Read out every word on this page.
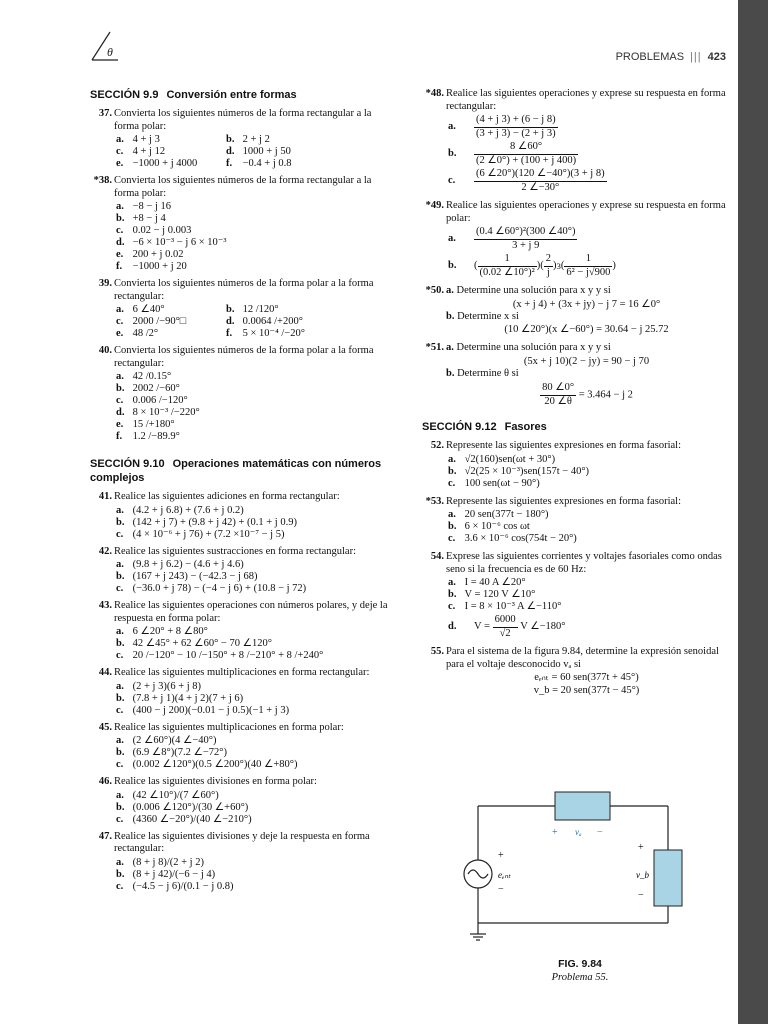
θ	PROBLEMAS ||| 423
SECCIÓN 9.9 Conversión entre formas
37. Convierta los siguientes números de la forma rectangular a la forma polar:
a. 4 + j 3	b. 2 + j 2
c. 4 + j 12	d. 1000 + j 50
e. −1000 + j 4000	f. −0.4 + j 0.8
*38. Convierta los siguientes números de la forma rectangular a la forma polar:
a. −8 − j 16
b. +8 − j 4
c. 0.02 − j 0.003
d. −6 × 10⁻³ − j 6 × 10⁻³
e. 200 + j 0.02
f. −1000 + j 20
39. Convierta los siguientes números de la forma polar a la forma rectangular:
a. 6 ∠40°	b. 12 /120°
c. 2000 /−90°□	d. 0.0064 /+200°
e. 48 /2°	f. 5 × 10⁻⁴ /−20°
40. Convierta los siguientes números de la forma polar a la forma rectangular:
a. 42 /0.15°
b. 2002 /−60°
c. 0.006 /−120°
d. 8 × 10⁻³ /−220°
e. 15 /+180°
f. 1.2 /−89.9°
SECCIÓN 9.10 Operaciones matemáticas con números complejos
41. Realice las siguientes adiciones en forma rectangular:
a. (4.2 + j 6.8) + (7.6 + j 0.2)
b. (142 + j 7) + (9.8 + j 42) + (0.1 + j 0.9)
c. (4 × 10⁻⁶ + j 76) + (7.2 ×10⁻⁷ − j 5)
42. Realice las siguientes sustracciones en forma rectangular:
a. (9.8 + j 6.2) − (4.6 + j 4.6)
b. (167 + j 243) − (−42.3 − j 68)
c. (−36.0 + j 78) − (−4 − j 6) + (10.8 − j 72)
43. Realice las siguientes operaciones con números polares, y deje la respuesta en forma polar:
a. 6 ∠20° + 8 ∠80°
b. 42 ∠45° + 62 ∠60° − 70 ∠120°
c. 20 /−120° − 10 /−150° + 8 /−210° + 8 /+240°
44. Realice las siguientes multiplicaciones en forma rectangular:
a. (2 + j 3)(6 + j 8)
b. (7.8 + j 1)(4 + j 2)(7 + j 6)
c. (400 − j 200)(−0.01 − j 0.5)(−1 + j 3)
45. Realice las siguientes multiplicaciones en forma polar:
a. (2 ∠60°)(4 ∠−40°)
b. (6.9 ∠8°)(7.2 ∠−72°)
c. (0.002 ∠120°)(0.5 ∠200°)(40 ∠+80°)
46. Realice las siguientes divisiones en forma polar:
a. (42 ∠10°)/(7 ∠60°)
b. (0.006 ∠120°)/(30 ∠+60°)
c. (4360 ∠−20°)/(40 ∠−210°)
47. Realice las siguientes divisiones y deje la respuesta en forma rectangular:
a. (8 + j 8)/(2 + j 2)
b. (8 + j 42)/(−6 − j 4)
c. (−4.5 − j 6)/(0.1 − j 0.8)
*48. Realice las siguientes operaciones y exprese su respuesta en forma rectangular:
a.	$\frac{(4 + j 3) + (6 - j 8)}{(3 + j 3) - (2 + j 3)}$
b.	$\frac{8 \angle 60^\circ}{(2 \angle 0^\circ) + (100 + j 400)}$
c.	$\frac{(6 \angle 20^\circ)(120 \angle-40^\circ)(3 + j 8)}{2 \angle-30^\circ}$
*49. Realice las siguientes operaciones y exprese su respuesta en forma polar:
a.	$\frac{\text{(0.4 ∠60°)²(300 ∠40°)}}{3 + j 9}$
b.	( $\frac{1}{\text{(0.02 ∠10°)²}}$ ) ( $\frac{2}{j}$ ) 3 ( $\frac{1}{\text{6² − j√900}}$ )
*50. a. Determine una solución para x y y si
(x + j 4) + (3x + jy) − j 7 = 16 ∠0°
b. Determine x si
(10 ∠20°)(x ∠−60°) = 30.64 − j 25.72
*51. a. Determine una solución para x y y si
(5x + j 10)(2 − jy) = 90 − j 70
b. Determine θ si
$\frac{80 \angle 0^\circ}{20 \angle\theta} = 3.464 - j$ 2
SECCIÓN 9.12 Fasores
52. Represente las siguientes expresiones en forma fasorial:
a. √2(160)sen(ωt + 30°)
b. √2(25 × 10⁻³)sen(157t − 40°)
c. 100 sen(ωt − 90°)
*53. Represente las siguientes expresiones en forma fasorial:
a. 20 sen(377t − 180°)
b. 6 × 10⁻⁶ cos ωt
c. 3.6 × 10⁻⁶ cos(754t − 20°)
54. Exprese las siguientes corrientes y voltajes fasoriales como ondas seno si la frecuencia es de 60 Hz:
a. I = 40 A ∠20°
b. V = 120 V ∠10°
c. I = 8 × 10⁻³ A ∠−110°
d.	V =
$\frac{6000}{√2}$
V ∠−180°
55. Para el sistema de la figura 9.84, determine la expresión senoidal para el voltaje desconocido vₐ si
eₑₙₜ = 60 sen(377t + 45°)
v_b = 20 sen(377t − 45°)
+
eₑₙₜ
−
+ vₐ −
+
v_b
−
FIG. 9.84
Problema 55.
